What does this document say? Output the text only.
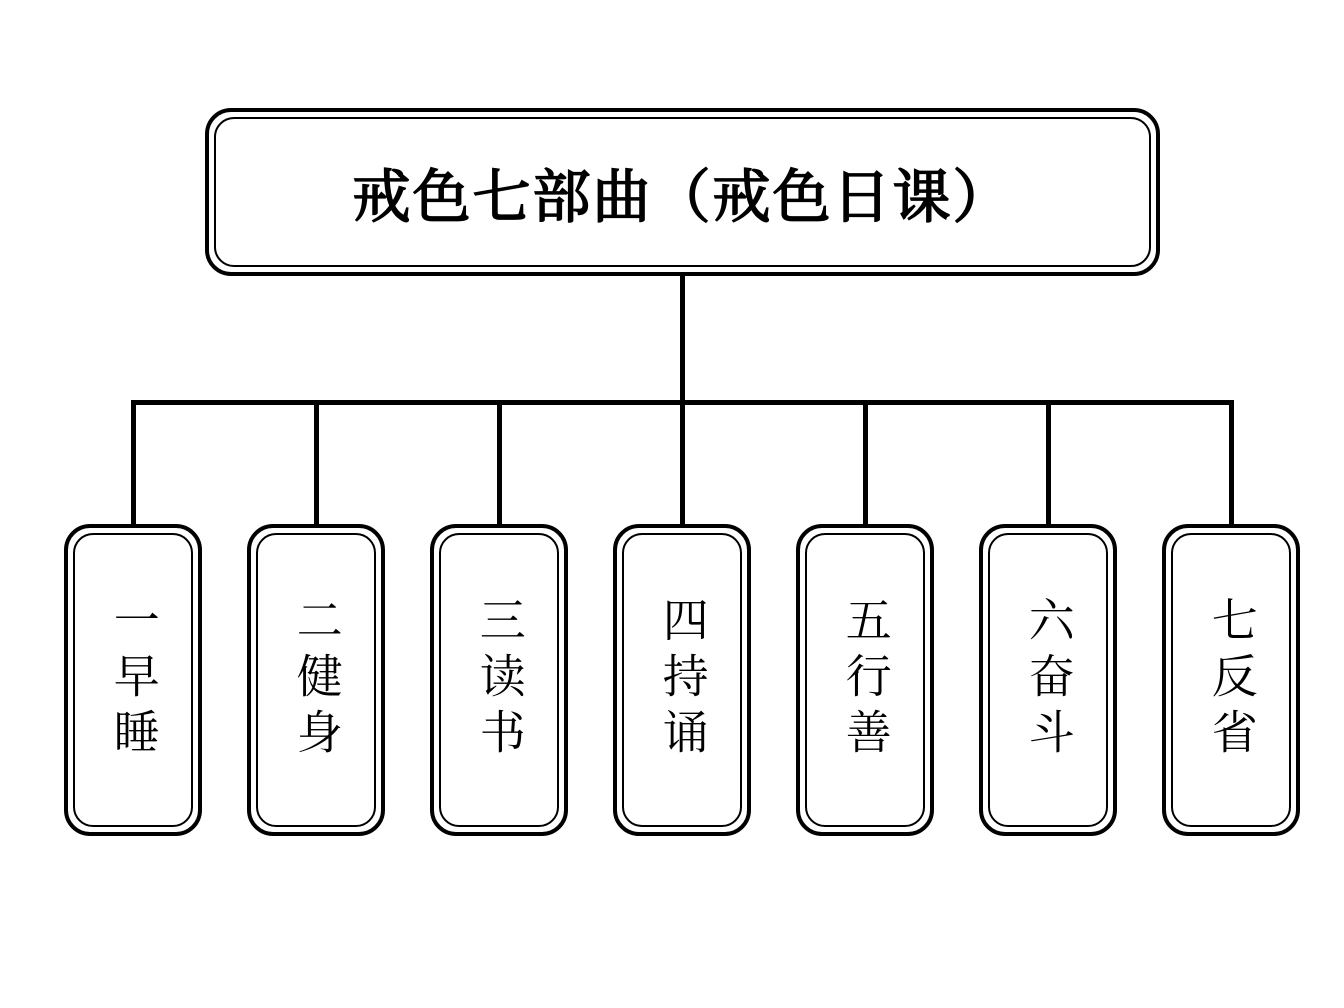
戒色七部曲（戒色日课）
一早睡	二健身	三读书	四持诵	五行善	六奋斗	七反省
